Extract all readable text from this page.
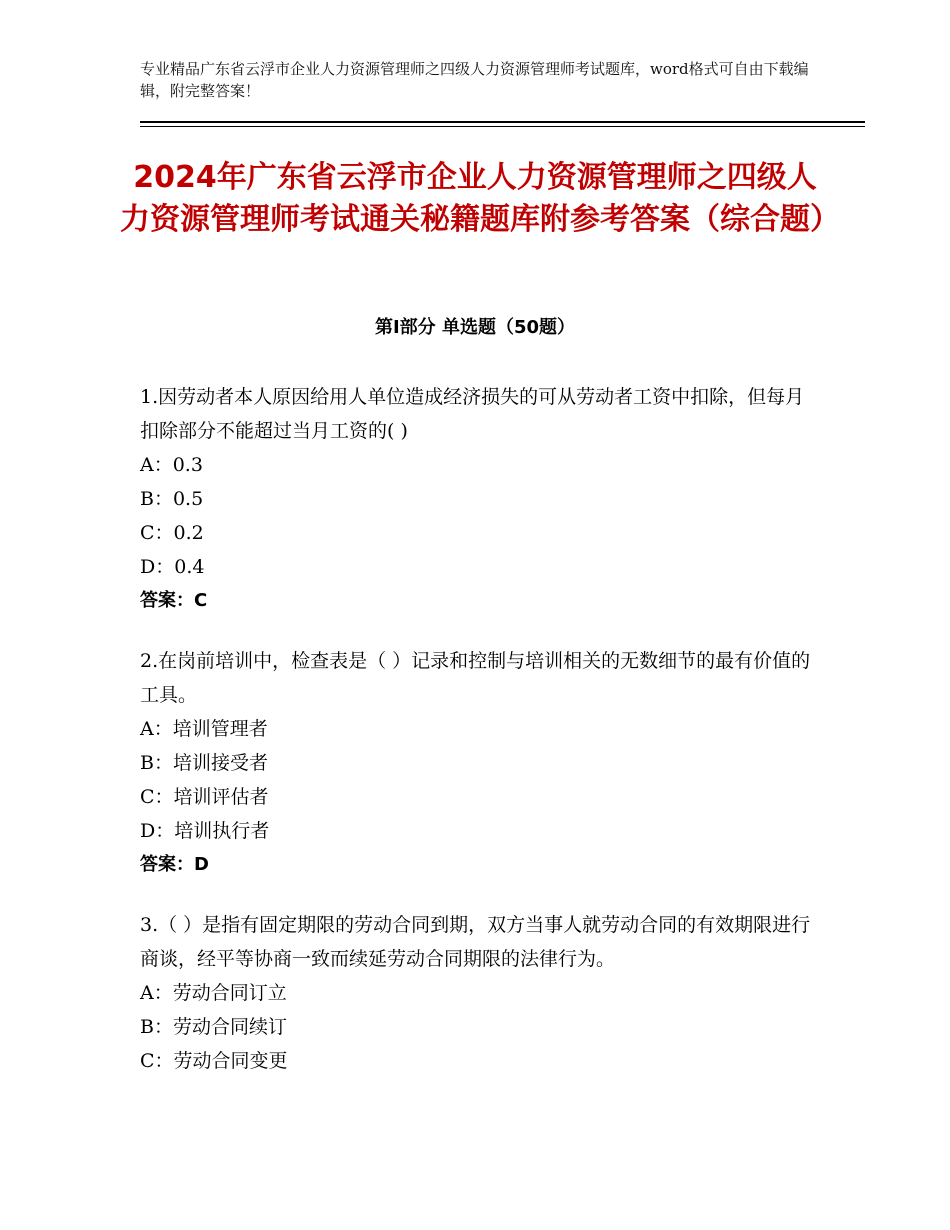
专业精品广东省云浮市企业人力资源管理师之四级人力资源管理师考试题库，word格式可自由下载编辑，附完整答案！
2024年广东省云浮市企业人力资源管理师之四级人力资源管理师考试通关秘籍题库附参考答案（综合题）
第Ⅰ部分 单选题（50题）
1.因劳动者本人原因给用人单位造成经济损失的可从劳动者工资中扣除，但每月扣除部分不能超过当月工资的( )
A：0.3
B：0.5
C：0.2
D：0.4
答案：C
2.在岗前培训中，检查表是（ ）记录和控制与培训相关的无数细节的最有价值的工具。
A：培训管理者
B：培训接受者
C：培训评估者
D：培训执行者
答案：D
3.（ ）是指有固定期限的劳动合同到期，双方当事人就劳动合同的有效期限进行商谈，经平等协商一致而续延劳动合同期限的法律行为。
A：劳动合同订立
B：劳动合同续订
C：劳动合同变更
